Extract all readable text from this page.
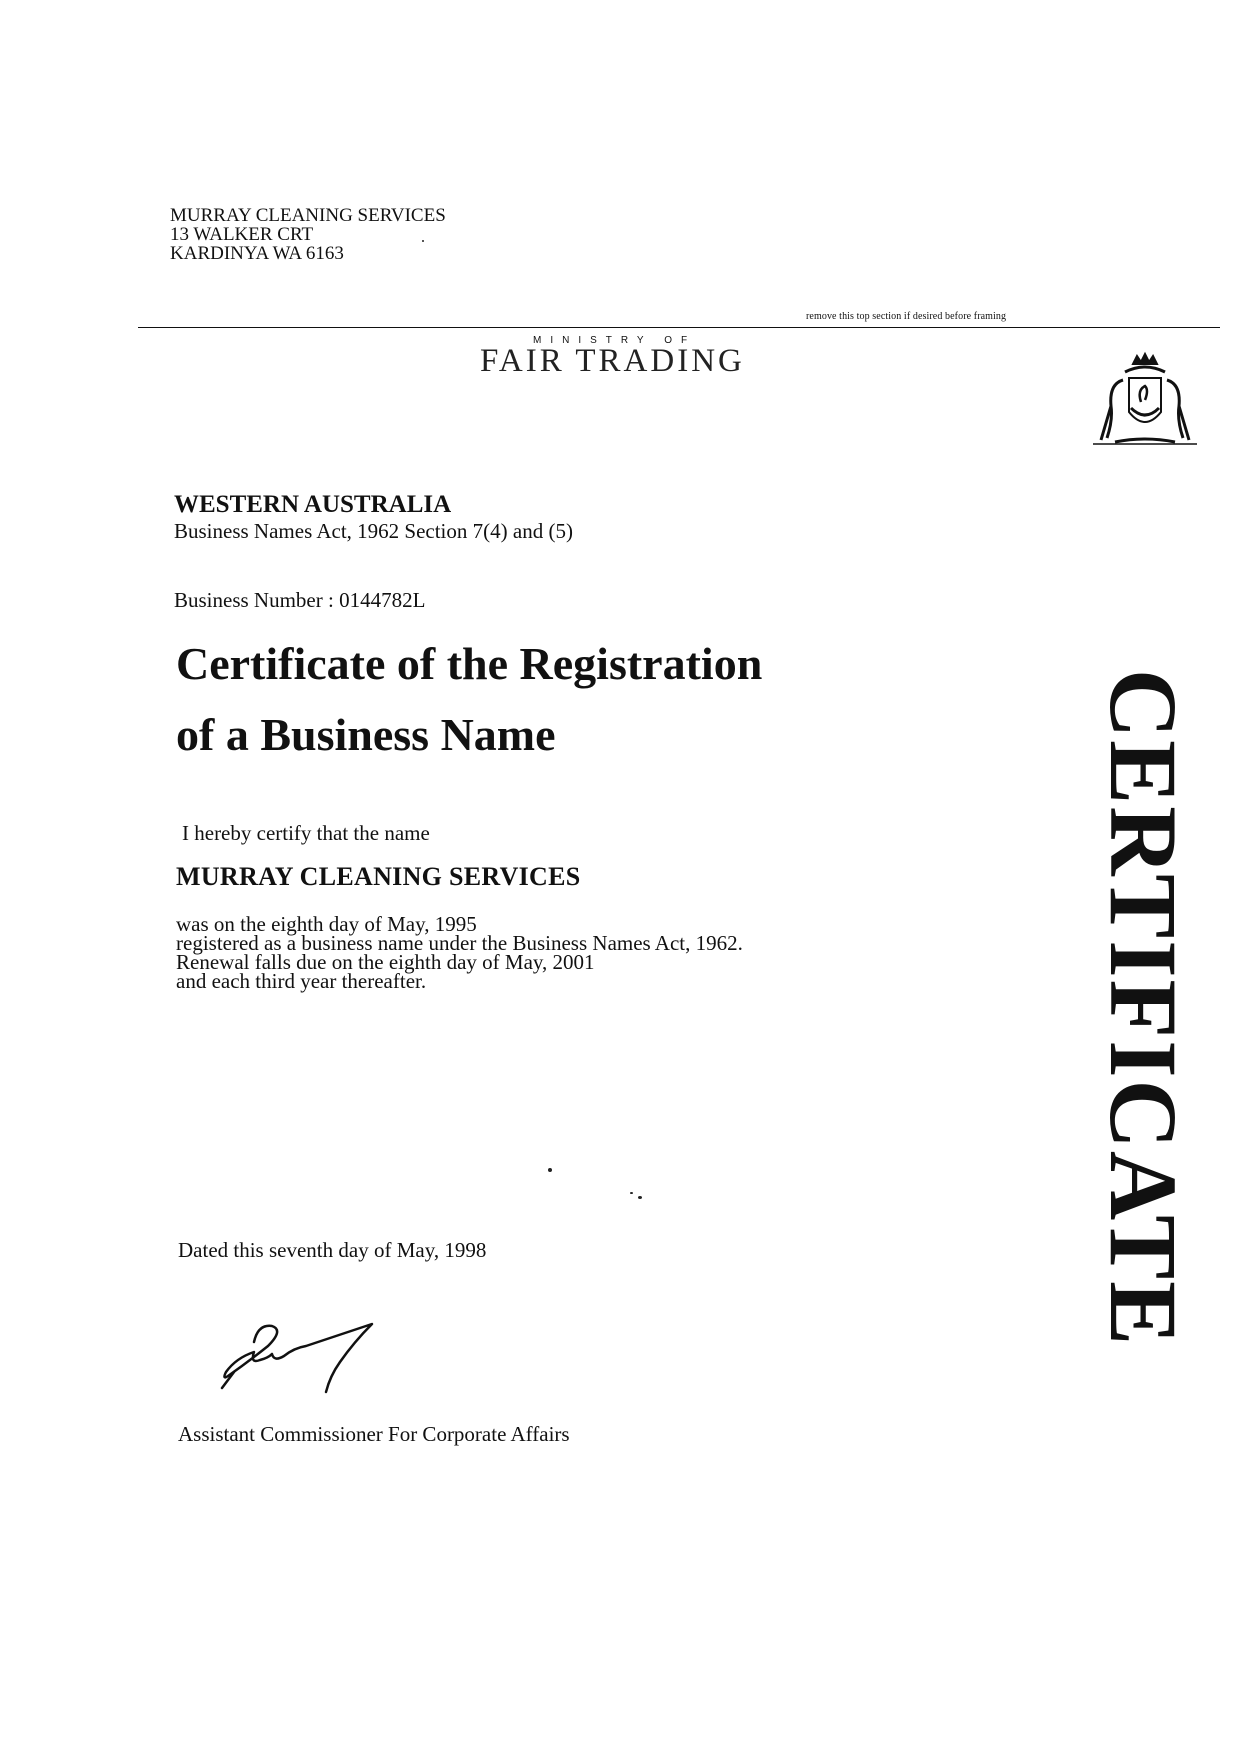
MURRAY CLEANING SERVICES
13 WALKER CRT
KARDINYA WA 6163
remove this top section if desired before framing
MINISTRY OF
FAIR TRADING
WESTERN AUSTRALIA
Business Names Act, 1962 Section 7(4) and (5)
Business Number : 0144782L
Certificate of the Registration
of a Business Name
I hereby certify that the name
MURRAY CLEANING SERVICES
was on the eighth day of May, 1995
registered as a business name under the Business Names Act, 1962.
Renewal falls due on the eighth day of May, 2001
and each third year thereafter.
Dated this seventh day of May, 1998
Assistant Commissioner For Corporate Affairs
CERTIFICATE
